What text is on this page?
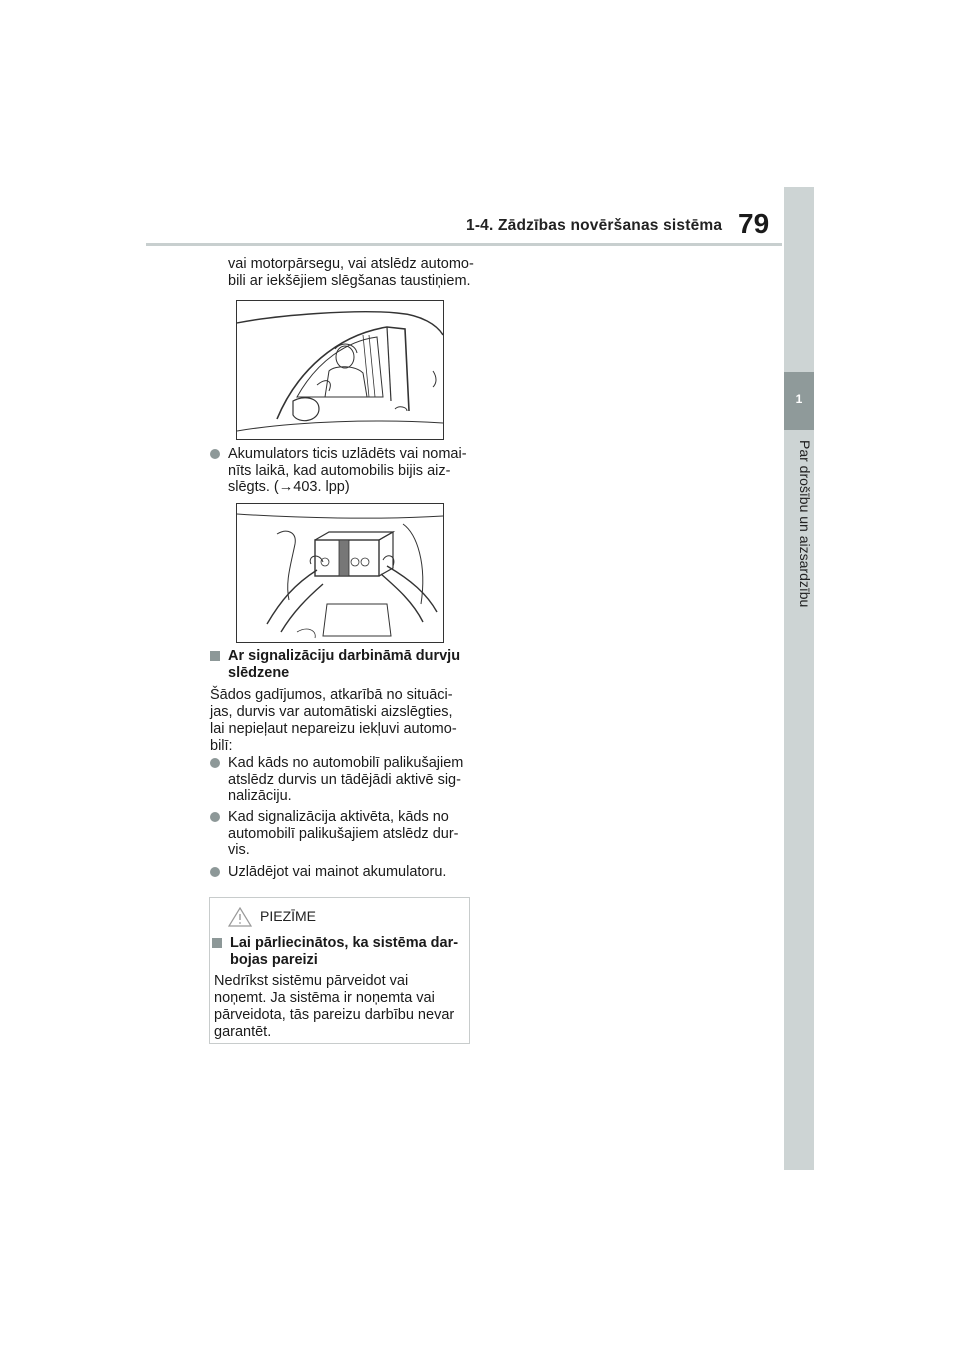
1-4. Zādzības novēršanas sistēma 79
1
Par drošību un aizsardzību

vai motorpārsegu, vai atslēdz automo-

bili ar iekšējiem slēgšanas taustiņiem.

Akumulators ticis uzlādēts vai nomai-

nīts laikā, kad automobilis bijis aiz-

slēgts. (→403. lpp)

Ar signalizāciju darbināmā durvju

slēdzene

Šādos gadījumos, atkarībā no situāci-

jas, durvis var automātiski aizslēgties,

lai nepieļaut nepareizu iekļuvi automo-

bilī:

Kad kāds no automobilī palikušajiem

atslēdz durvis un tādējādi aktivē sig-

nalizāciju.

Kad signalizācija aktivēta, kāds no

automobilī palikušajiem atslēdz dur-

vis.

Uzlādējot vai mainot akumulatoru.

PIEZĪME

Lai pārliecinātos, ka sistēma dar-

bojas pareizi

Nedrīkst sistēmu pārveidot vai

noņemt. Ja sistēma ir noņemta vai

pārveidota, tās pareizu darbību nevar

garantēt.
